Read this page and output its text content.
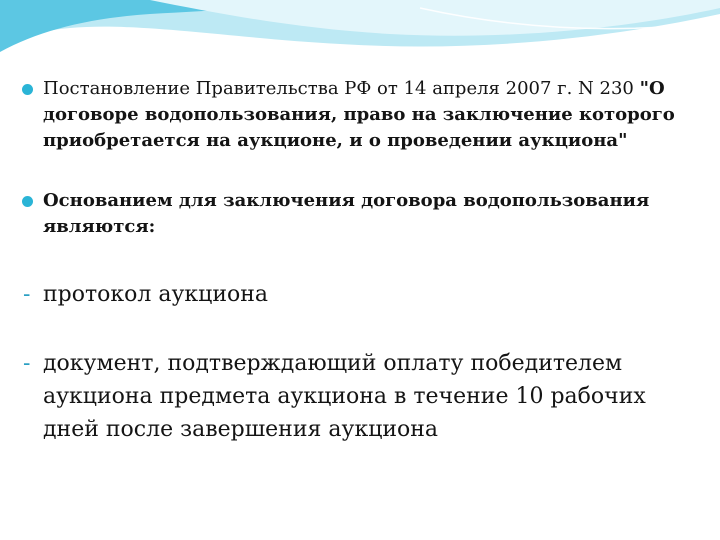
Постановление Правительства РФ от 14 апреля 2007 г. N 230 "О договоре водопользования, право на заключение которого приобретается на аукционе, и о проведении аукциона"
Основанием для заключения договора водопользования являются:
- протокол аукциона
- документ, подтверждающий оплату победителем аукциона предмета аукциона в течение 10 рабочих дней после завершения аукциона
